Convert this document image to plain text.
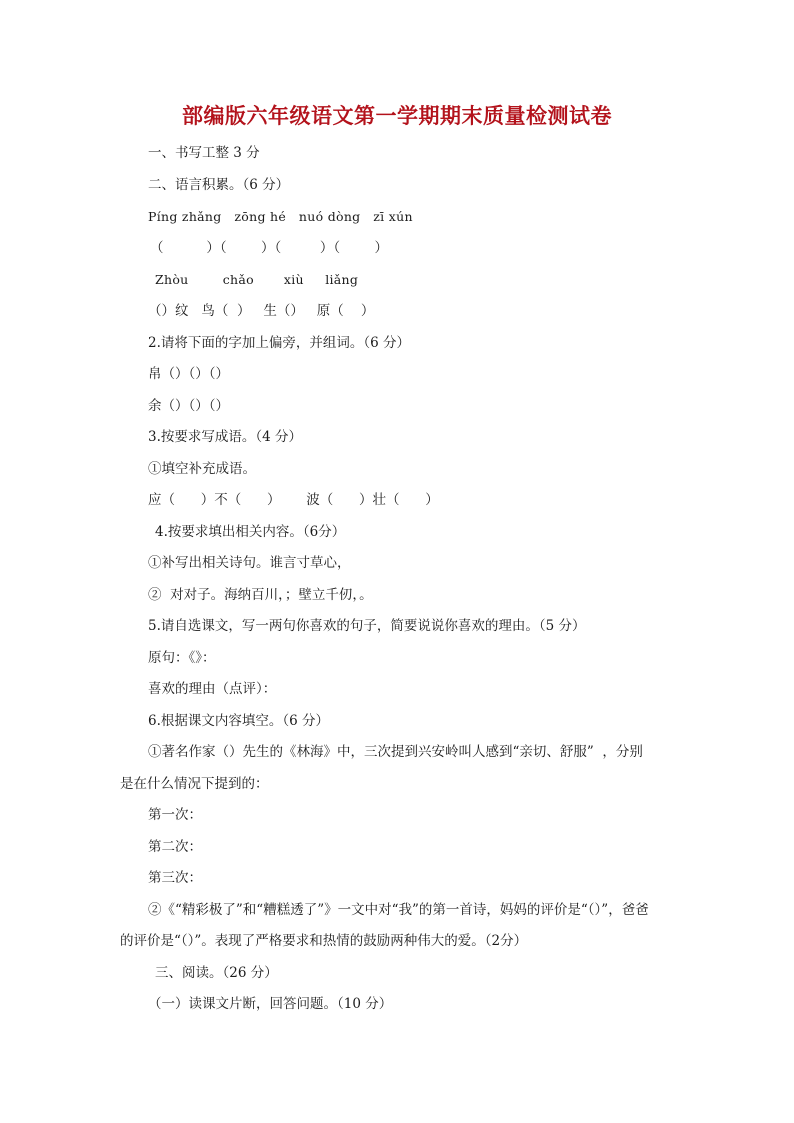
部编版六年级语文第一学期期末质量检测试卷
一、书写工整 3 分
二、语言积累。（6 分）
Píng zhǎng   zōng hé   nuó dòng   zī xún
（          ）（        ）（         ）（        ）
Zhòu        chǎo       xiù     liǎng
（）纹   鸟（  ）   生（）   原（    ）
2.请将下面的字加上偏旁，并组词。（6 分）
帛（）（）（）
余（）（）（）
3.按要求写成语。（4 分）
①填空补充成语。
应（      ）不（      ）      波（      ）壮（      ）
4.按要求填出相关内容。（6分）
①补写出相关诗句。谁言寸草心，
②  对对子。海纳百川，；壁立千仞，。
5.请自选课文，写一两句你喜欢的句子，简要说说你喜欢的理由。（5 分）
原句：《》：
喜欢的理由（点评）：
6.根据课文内容填空。（6 分）
①著名作家（）先生的《林海》中，三次提到兴安岭叫人感到“亲切、舒服”  ，分别
是在什么情况下提到的：
第一次：
第二次：
第三次：
②《“精彩极了”和“糟糕透了”》一文中对“我”的第一首诗，妈妈的评价是“（）”，爸爸
的评价是“（）”。表现了严格要求和热情的鼓励两种伟大的爱。（2分）
三、阅读。（26 分）
（一）读课文片断，回答问题。（10 分）
